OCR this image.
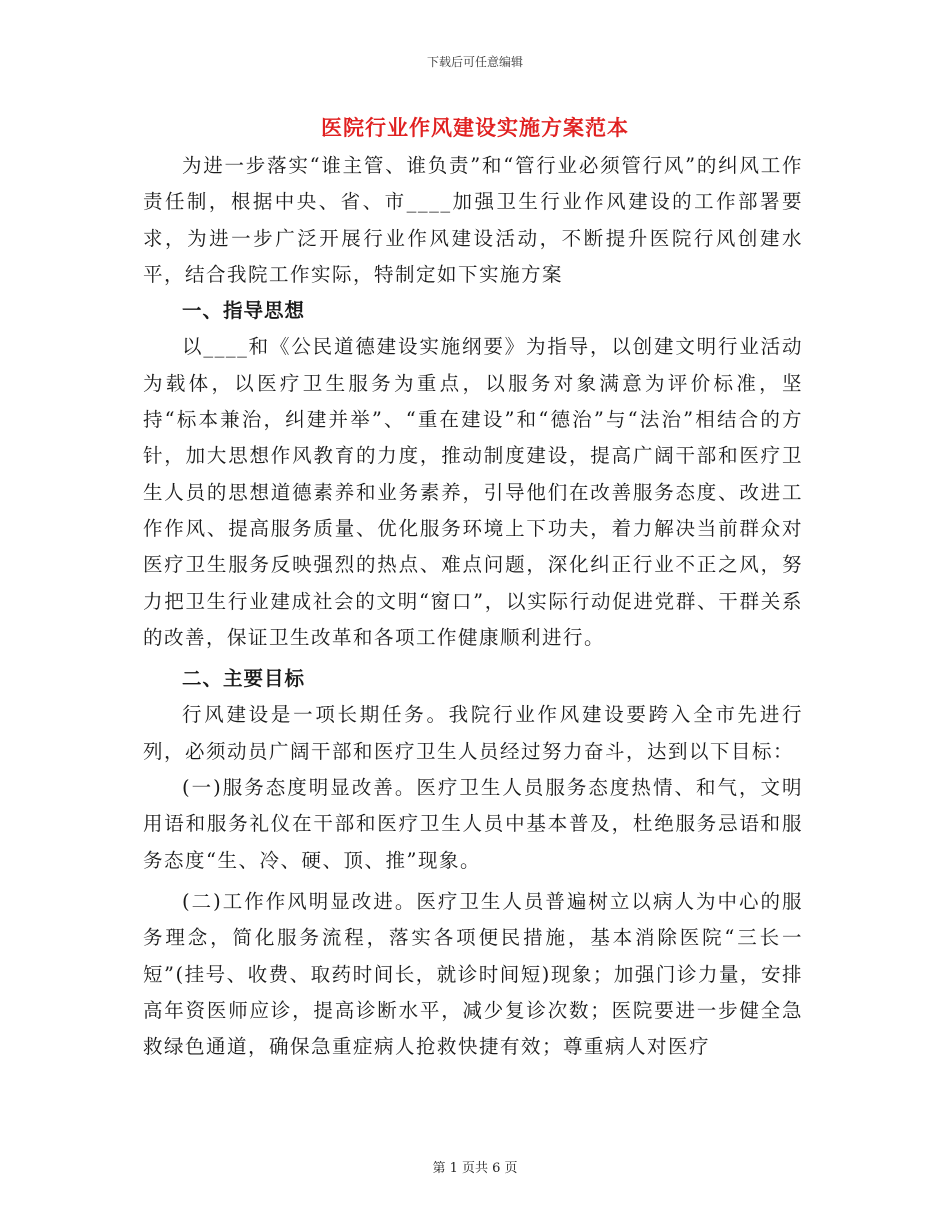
下载后可任意编辑
医院行业作风建设实施方案范本

为进一步落实“谁主管、谁负责”和“管行业必须管行风”的纠风工作责任制，根据中央、省、市____加强卫生行业作风建设的工作部署要求，为进一步广泛开展行业作风建设活动，不断提升医院行风创建水平，结合我院工作实际，特制定如下实施方案

一、指导思想

以____和《公民道德建设实施纲要》为指导，以创建文明行业活动为载体，以医疗卫生服务为重点，以服务对象满意为评价标准，坚持“标本兼治，纠建并举”、“重在建设”和“德治”与“法治”相结合的方针，加大思想作风教育的力度，推动制度建设，提高广阔干部和医疗卫生人员的思想道德素养和业务素养，引导他们在改善服务态度、改进工作作风、提高服务质量、优化服务环境上下功夫，着力解决当前群众对医疗卫生服务反映强烈的热点、难点问题，深化纠正行业不正之风，努力把卫生行业建成社会的文明“窗口”，以实际行动促进党群、干群关系的改善，保证卫生改革和各项工作健康顺利进行。

二、主要目标

行风建设是一项长期任务。我院行业作风建设要跨入全市先进行列，必须动员广阔干部和医疗卫生人员经过努力奋斗，达到以下目标：

(一)服务态度明显改善。医疗卫生人员服务态度热情、和气，文明用语和服务礼仪在干部和医疗卫生人员中基本普及，杜绝服务忌语和服务态度“生、冷、硬、顶、推”现象。

(二)工作作风明显改进。医疗卫生人员普遍树立以病人为中心的服务理念，简化服务流程，落实各项便民措施，基本消除医院“三长一短”(挂号、收费、取药时间长，就诊时间短)现象；加强门诊力量，安排高年资医师应诊，提高诊断水平，减少复诊次数；医院要进一步健全急救绿色通道，确保急重症病人抢救快捷有效；尊重病人对医疗

第 1 页共 6 页
